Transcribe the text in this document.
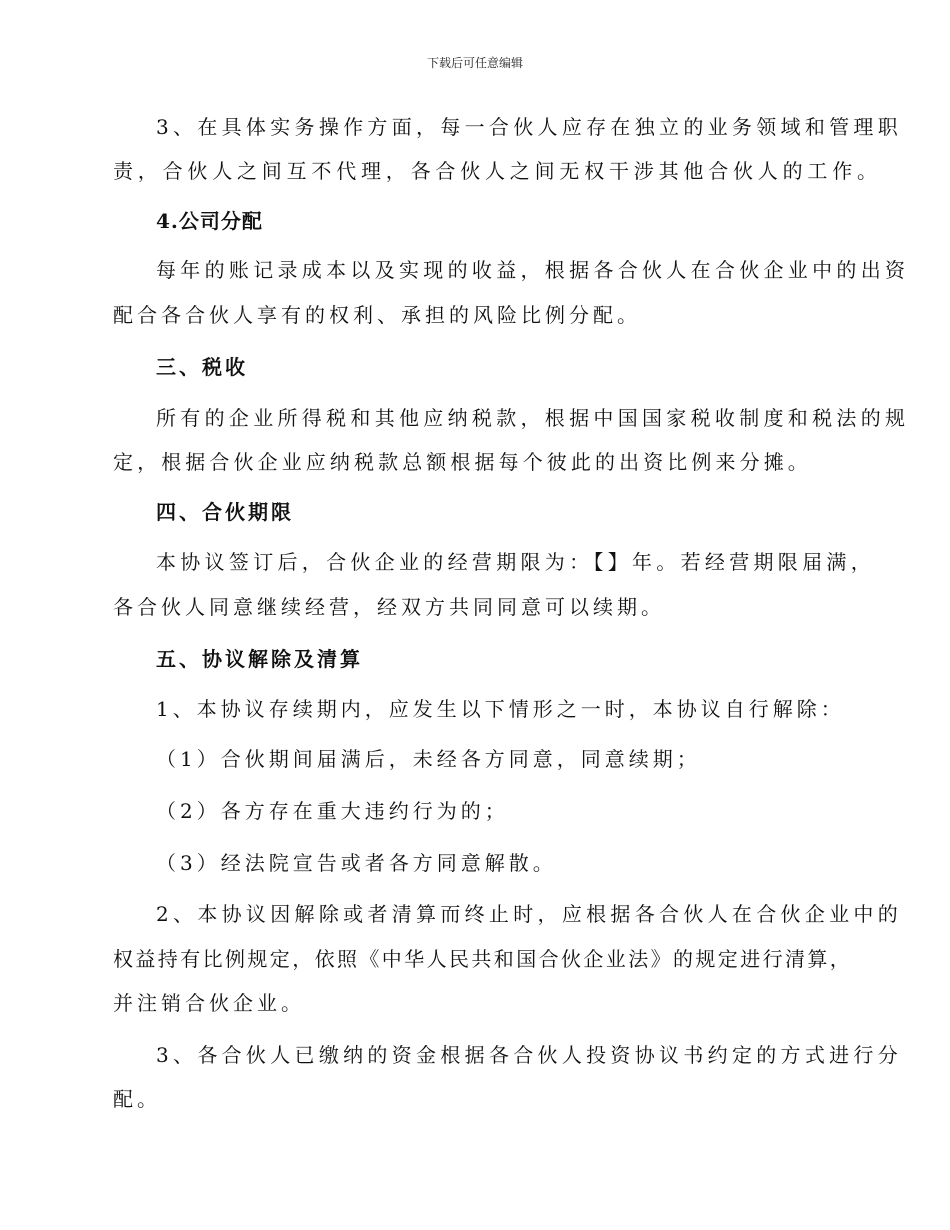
下载后可任意编辑
3、在具体实务操作方面，每一合伙人应存在独立的业务领域和管理职
责，合伙人之间互不代理，各合伙人之间无权干涉其他合伙人的工作。
4.公司分配
每年的账记录成本以及实现的收益，根据各合伙人在合伙企业中的出资
配合各合伙人享有的权利、承担的风险比例分配。
三、税收
所有的企业所得税和其他应纳税款，根据中国国家税收制度和税法的规
定，根据合伙企业应纳税款总额根据每个彼此的出资比例来分摊。
四、合伙期限
本协议签订后，合伙企业的经营期限为：【】年。若经营期限届满，
各合伙人同意继续经营，经双方共同同意可以续期。
五、协议解除及清算
1、本协议存续期内，应发生以下情形之一时，本协议自行解除：
（1）合伙期间届满后，未经各方同意，同意续期；
（2）各方存在重大违约行为的；
（3）经法院宣告或者各方同意解散。
2、本协议因解除或者清算而终止时，应根据各合伙人在合伙企业中的
权益持有比例规定，依照《中华人民共和国合伙企业法》的规定进行清算，
并注销合伙企业。
3、各合伙人已缴纳的资金根据各合伙人投资协议书约定的方式进行分
配。
